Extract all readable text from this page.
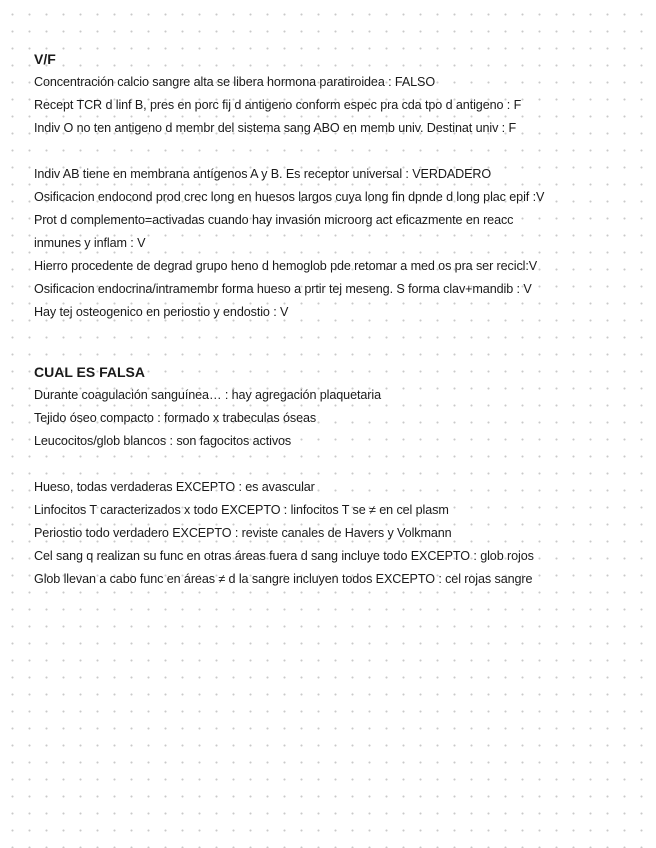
V/F
Concentración calcio sangre alta se libera hormona paratiroidea : FALSO
Recept TCR d linf B, pres en porc fij d antigeno conform espec pra cda tpo d antigeno : F
Indiv O no ten antigeno d membr del sistema sang ABO en memb univ. Destinat univ : F
Indiv AB tiene en membrana antígenos A y B. Es receptor universal : VERDADERO
Osificacion endocond prod crec long en huesos largos cuya long fin dpnde d long plac epif :V
Prot d complemento=activadas cuando hay invasión microorg act eficazmente en reacc
inmunes y inflam : V
Hierro procedente de degrad grupo heno d hemoglob pde retomar a med os pra ser recicl:V
Osificacion endocrina/intramembr forma hueso a prtir tej meseng. S forma clav+mandib : V
Hay tej osteogenico en periostio y endostio : V
CUAL ES FALSA
Durante coagulación sanguínea… : hay agregación plaquetaria
Tejido óseo compacto : formado x trabeculas óseas
Leucocitos/glob blancos : son fagocitos activos
Hueso, todas verdaderas EXCEPTO : es avascular
Linfocitos T caracterizados x todo EXCEPTO : linfocitos T se ≠ en cel plasm
Periostio todo verdadero EXCEPTO : reviste canales de Havers y Volkmann
Cel sang q realizan su func en otras áreas fuera d sang incluye todo EXCEPTO : glob rojos
Glob llevan a cabo func en áreas ≠ d la sangre incluyen todos EXCEPTO : cel rojas sangre
